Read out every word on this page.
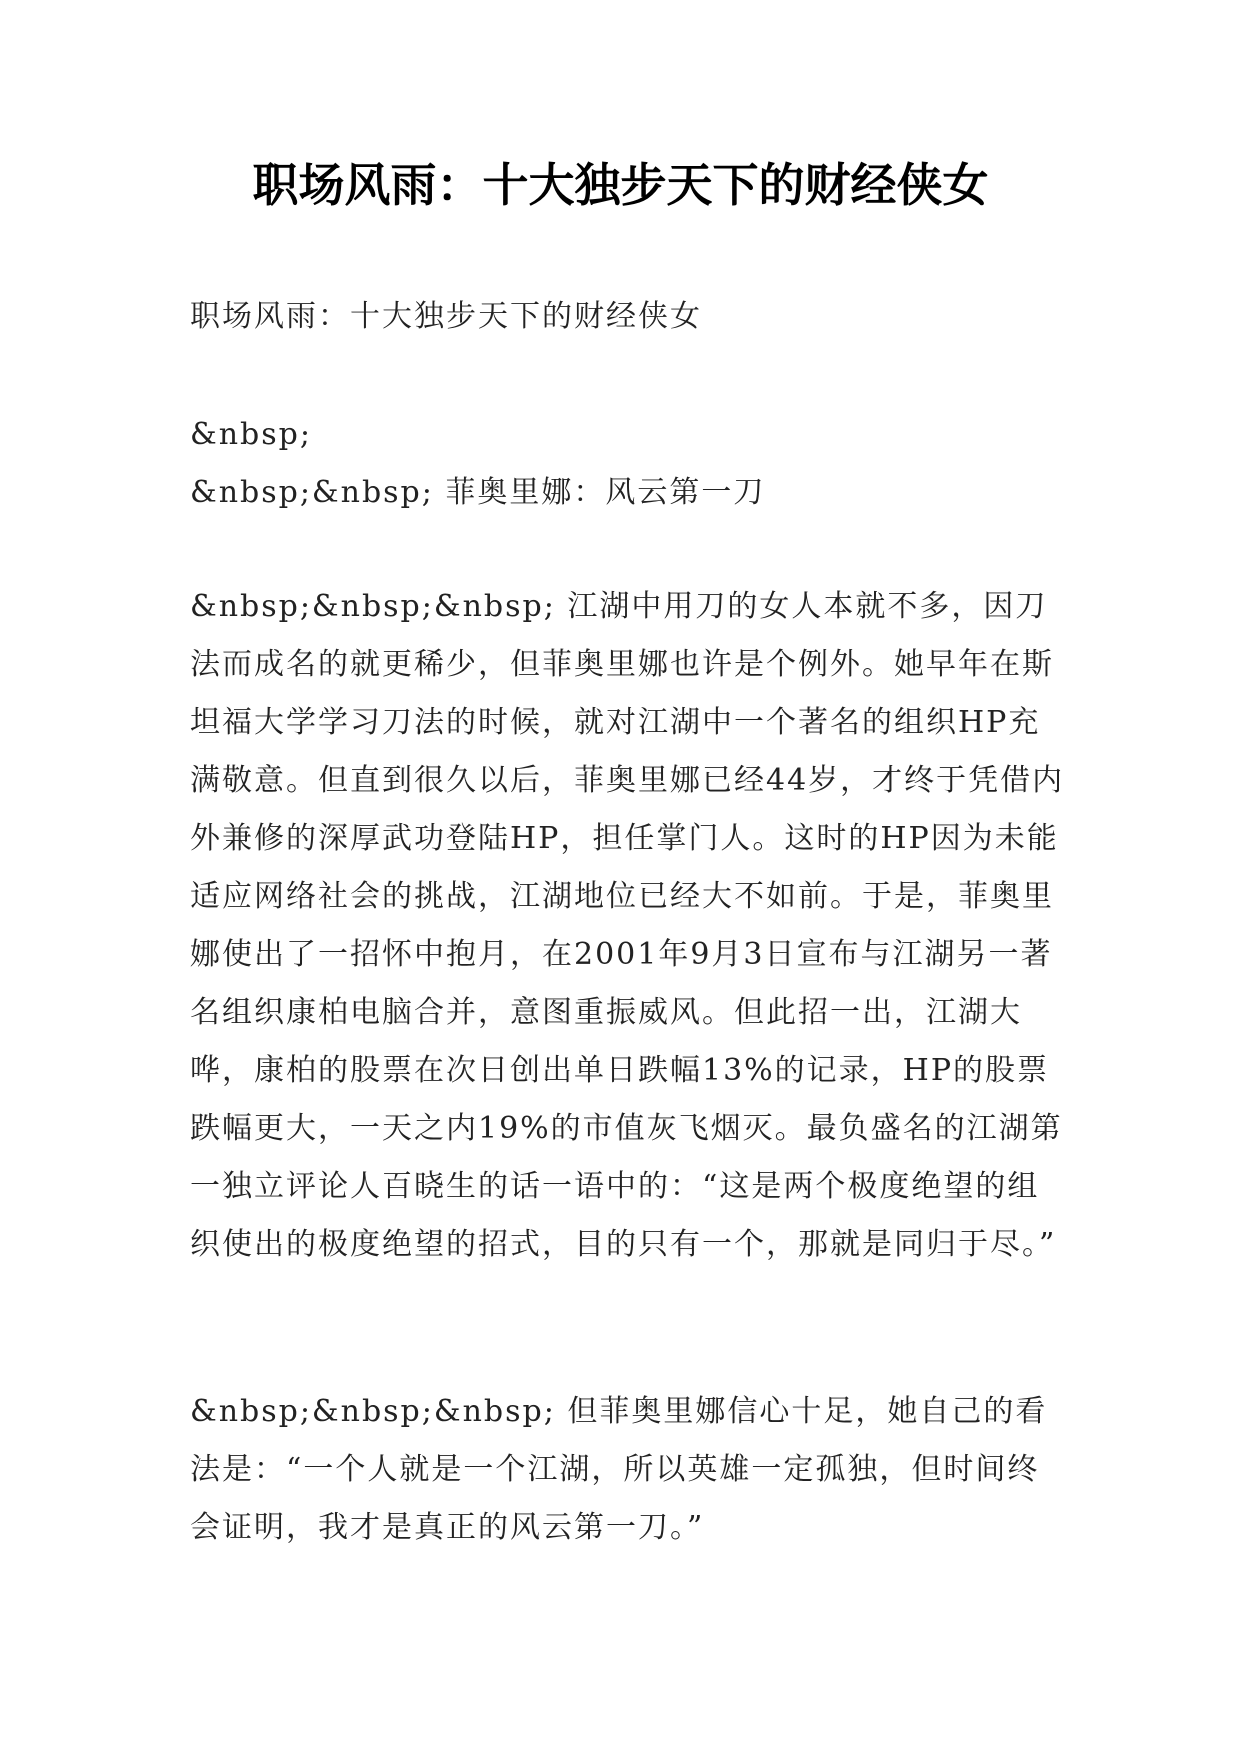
职场风雨：十大独步天下的财经侠女

职场风雨：十大独步天下的财经侠女

&nbsp;

&nbsp;&nbsp; 菲奥里娜：风云第一刀

&nbsp;&nbsp;&nbsp; 江湖中用刀的女人本就不多，因刀法而成名的就更稀少，但菲奥里娜也许是个例外。她早年在斯坦福大学学习刀法的时候，就对江湖中一个著名的组织HP充满敬意。但直到很久以后，菲奥里娜已经44岁，才终于凭借内外兼修的深厚武功登陆HP，担任掌门人。这时的HP因为未能适应网络社会的挑战，江湖地位已经大不如前。于是，菲奥里娜使出了一招怀中抱月，在2001年9月3日宣布与江湖另一著名组织康柏电脑合并，意图重振威风。但此招一出，江湖大哗，康柏的股票在次日创出单日跌幅13%的记录，HP的股票跌幅更大，一天之内19%的市值灰飞烟灭。最负盛名的江湖第一独立评论人百晓生的话一语中的：“这是两个极度绝望的组织使出的极度绝望的招式，目的只有一个，那就是同归于尽。”

&nbsp;&nbsp;&nbsp; 但菲奥里娜信心十足，她自己的看法是：“一个人就是一个江湖，所以英雄一定孤独，但时间终会证明，我才是真正的风云第一刀。”
